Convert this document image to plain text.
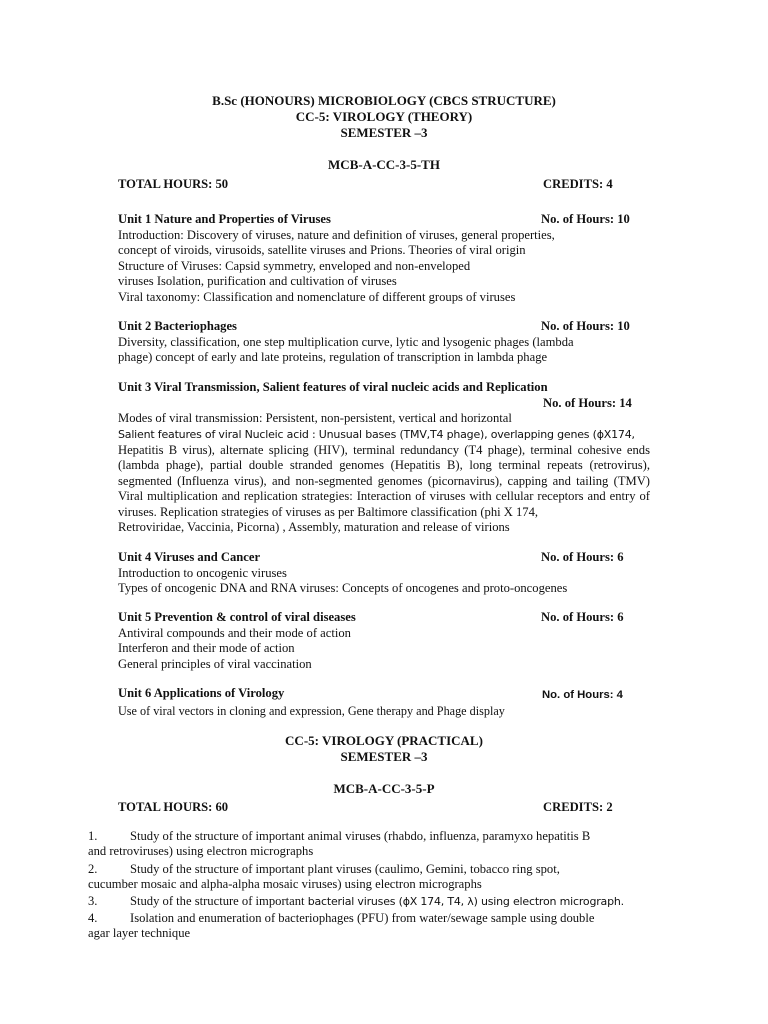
B.Sc (HONOURS) MICROBIOLOGY (CBCS STRUCTURE)
CC-5: VIROLOGY (THEORY)
SEMESTER –3
MCB-A-CC-3-5-TH
TOTAL HOURS: 50	CREDITS: 4
Unit 1 Nature and Properties of Viruses	No. of Hours: 10
Introduction: Discovery of viruses, nature and definition of viruses, general properties,
concept of viroids, virusoids, satellite viruses and Prions. Theories of viral origin
Structure of Viruses: Capsid symmetry, enveloped and non-enveloped
viruses Isolation, purification and cultivation of viruses
Viral taxonomy: Classification and nomenclature of different groups of viruses
Unit 2 Bacteriophages	No. of Hours: 10
Diversity, classification, one step multiplication curve, lytic and lysogenic phages (lambda
phage) concept of early and late proteins, regulation of transcription in lambda phage
Unit 3 Viral Transmission, Salient features of viral nucleic acids and Replication
No. of Hours: 14
Modes of viral transmission: Persistent, non-persistent, vertical and horizontal
Salient features of viral Nucleic acid : Unusual bases (TMV,T4 phage), overlapping genes (ϕX174,
Hepatitis B virus), alternate splicing (HIV), terminal redundancy (T4 phage), terminal cohesive ends (lambda phage), partial double stranded genomes (Hepatitis B), long terminal repeats (retrovirus), segmented (Influenza virus), and non-segmented genomes (picornavirus), capping and tailing (TMV) Viral multiplication and replication strategies: Interaction of viruses with cellular receptors and entry of viruses. Replication strategies of viruses as per Baltimore classification (phi X 174,
Retroviridae, Vaccinia, Picorna) , Assembly, maturation and release of virions
Unit 4 Viruses and Cancer	No. of Hours: 6
Introduction to oncogenic viruses
Types of oncogenic DNA and RNA viruses: Concepts of oncogenes and proto-oncogenes
Unit 5 Prevention & control of viral diseases	No. of Hours: 6
Antiviral compounds and their mode of action
Interferon and their mode of action
General principles of viral vaccination
Unit 6 Applications of Virology	No. of Hours: 4
Use of viral vectors in cloning and expression, Gene therapy and Phage display
CC-5: VIROLOGY (PRACTICAL)
SEMESTER –3
MCB-A-CC-3-5-P
TOTAL HOURS: 60	CREDITS: 2
1.	Study of the structure of important animal viruses (rhabdo, influenza, paramyxo hepatitis B
and retroviruses) using electron micrographs
2.	Study of the structure of important plant viruses (caulimo, Gemini, tobacco ring spot,
cucumber mosaic and alpha-alpha mosaic viruses) using electron micrographs
3.	Study of the structure of important bacterial viruses (ϕX 174, T4, λ) using electron micrograph.
4.	Isolation and enumeration of bacteriophages (PFU) from water/sewage sample using double
agar layer technique
